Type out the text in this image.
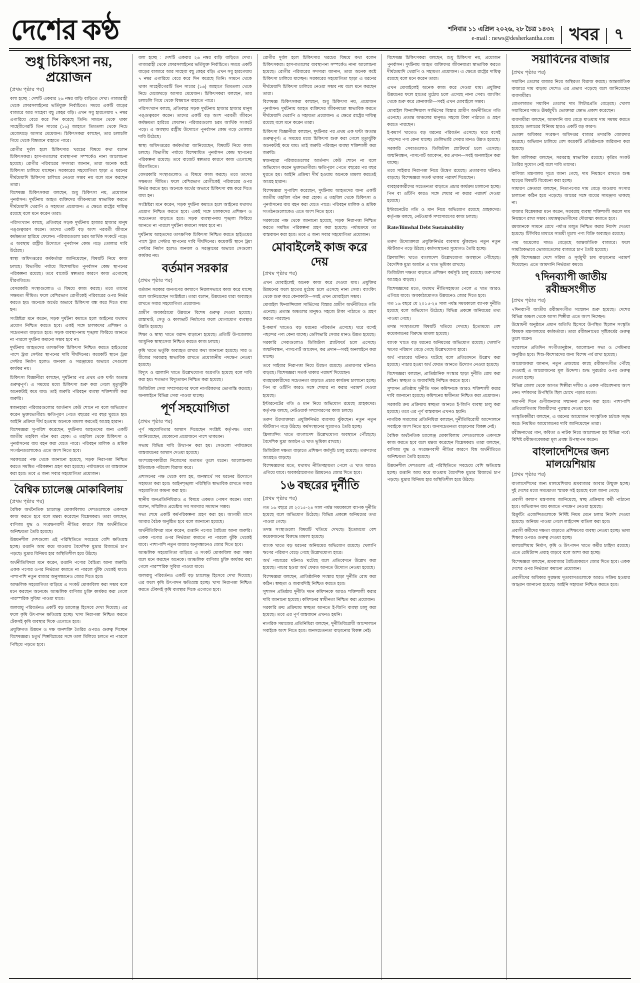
দেশের কণ্ঠ	শনিবার ১১ এপ্রিল ২০২৬, ২৮ চৈত্র ১৪৩২
e-mail : news@desherkantha.com খবর	৭
শুধু চিকিৎসা নয়, প্রয়োজন
(প্রথম পৃষ্ঠার পর)

বলা হচ্ছে : দেশটি একবার ২৬ নম্বর বাড়ি বাড়িতে দেখা। গাজারাহী থেকে ফোরসলাইনের ভর্তিযুক্ত নির্বাচিতে। সময়ে একটি বাড়ের বাজারে আর সাহেবা বছু কেহর বড়ি। এখন সবু হারগেয়ায় ৭ নম্বর এগারিয়ে বেরে করে দিন করেছে তিনি। সামনে থেকে থাকা সাহেবীগেরটি তিন সাবের (১৬) জাহাগে তিমতলা থেকে নিচে মেজেঘড়ে আসার মেয়েজন। চিকিৎসকরা বলছেন, তার চলাচলি গিয়ে থেকে বিশ্বমানে বাহাতে পারে।

রোগীর দুর্বল হলে চিকিৎসার খরচের বিষয়ে কথা বলেন চিকিৎসকরা। হাসপাতালের ব্যবস্থাপনা সম্পর্কেও নানা আলোচনা হয়েছে। রোগীর পরিবারের সদস্যরা জানান, তারা অনেক কষ্টে চিকিৎসা চালিয়ে যাচ্ছেন। সরকারের সহযোগিতা ছাড়া এ ধরনের দীর্ঘমেয়াদি চিকিৎসা চালিয়ে নেওয়া সম্ভব নয় বলে মনে করছেন তারা।

বিশেষজ্ঞ চিকিৎসকরা বলছেন, শুধু চিকিৎসা নয়, প্রয়োজন পুনর্বাসন। দুর্ঘটনায় আহত ব্যক্তিদের জীবনযাত্রা স্বাভাবিক করতে দীর্ঘমেয়াদি থেরাপি ও সহায়তা প্রয়োজন। এ ক্ষেত্রে রাষ্ট্রের দায়িত্ব রয়েছে বলে মনে করেন তারা।

পরিসংখ্যান বলছে, প্রতিবছর সড়ক দুর্ঘটনায় হাজার হাজার মানুষ পঙ্গুত্ববরণ করেন। তাদের একটি বড় অংশ পরবর্তী জীবনে কর্মক্ষমতা হারিয়ে ফেলেন। পরিবারগুলো চরম আর্থিক সংকটে পড়ে। এ অবস্থায় রাষ্ট্রীয় উদ্যোগে পুনর্বাসন কেন্দ্র গড়ে তোলার দাবি উঠেছে।

স্বাস্থ্য অধিদপ্তরের কর্মকর্তারা জানিয়েছেন, বিষয়টি নিয়ে কাজ চলছে। বিভাগীয় পর্যায়ে বিশেষায়িত পুনর্বাসন কেন্দ্র স্থাপনের পরিকল্পনা রয়েছে। তবে বাজেট স্বল্পতার কারণে কাজ এগোচ্ছে ধীরগতিতে।

বেসরকারি সংস্থাগুলোও এ বিষয়ে কাজ করছে। তবে তাদের সক্ষমতা সীমিত। ফলে বেশিরভাগ রোগীকেই পরিবারের ওপর নির্ভর করতে হয়। অনেকে অর্থের অভাবে চিকিৎসা বন্ধ করে দিতে বাধ্য হন।

সংশ্লিষ্টরা মনে করেন, সড়ক দুর্ঘটনা কমাতে হলে আইনের যথাযথ প্রয়োগ নিশ্চিত করতে হবে। একই সঙ্গে চালকদের প্রশিক্ষণ ও সচেতনতা বাড়াতে হবে। সড়ক ব্যবস্থাপনায় শৃঙ্খলা ফিরিয়ে আনতে না পারলে দুর্ঘটনা কমানো সম্ভব হবে না।

দুর্ঘটনায় আহতদের তাৎক্ষণিক চিকিৎসা নিশ্চিত করতে হাইওয়ের পাশে ট্রমা সেন্টার স্থাপনের দাবি দীর্ঘদিনের। কয়েকটি স্থানে ট্রমা সেন্টার নির্মাণ হলেও জনবল ও সরঞ্জামের অভাবে সেগুলো কার্যকর নয়।

চিকিৎসা বিজ্ঞানীরা বলছেন, দুর্ঘটনার পর প্রথম এক ঘণ্টা অত্যন্ত গুরুত্বপূর্ণ। এ সময়ের মধ্যে চিকিৎসা শুরু করা গেলে মৃত্যুঝুঁকি অনেকটাই কমে যায়। তাই জরুরি পরিবহন ব্যবস্থা শক্তিশালী করা জরুরি।

স্বজনহারা পরিবারগুলোর আর্তনাদ কেউ শোনে না বলে অভিযোগ করেন ভুক্তভোগীরা। ক্ষতিপূরণ পেতে বছরের পর বছর ঘুরতে হয়। আইনি প্রক্রিয়া দীর্ঘ হওয়ায় অনেকে মামলা করতেই আগ্রহ হারান।

বিশেষজ্ঞরা সুপারিশ করেছেন, দুর্ঘটনায় আহতদের জন্য একটি জাতীয় তহবিল গঠন করা হোক। এ তহবিল থেকে চিকিৎসা ও পুনর্বাসনের ব্যয় বহন করা যেতে পারে। পরিবহন মালিক ও শ্রমিক সংগঠনগুলোকেও এতে অংশ নিতে হবে।

সরকারের পক্ষ থেকে জানানো হয়েছে, সড়ক নিরাপত্তা নিশ্চিত করতে সমন্বিত পরিকল্পনা গ্রহণ করা হয়েছে। পর্যায়ক্রমে তা বাস্তবায়ন করা হবে। তবে এ জন্য সবার সহযোগিতা প্রয়োজন।

বৈশ্বিক চ্যালেঞ্জ মোকাবিলায়
(প্রথম পৃষ্ঠার পর)

বৈশ্বিক অর্থনৈতিক চ্যালেঞ্জ মোকাবিলায় দেশগুলোকে একসঙ্গে কাজ করতে হবে বলে মন্তব্য করেছেন বিশ্লেষকরা। তারা বলছেন, বাণিজ্য যুদ্ধ ও সংরক্ষণবাদী নীতির কারণে বিশ্ব অর্থনীতিতে অনিশ্চয়তা তৈরি হয়েছে।

উন্নয়নশীল দেশগুলো এই পরিস্থিতিতে সবচেয়ে বেশি ক্ষতিগ্রস্ত হচ্ছে। রপ্তানি আয় কমে যাওয়ায় বৈদেশিক মুদ্রার রিজার্ভে চাপ পড়ছে। মুদ্রার বিনিময় হার অস্থিতিশীল হয়ে উঠছে।

অর্থনীতিবিদরা মনে করেন, রপ্তানি পণ্যের বৈচিত্র্য আনা জরুরি। একক পণ্যের ওপর নির্ভরতা কমাতে না পারলে ঝুঁকি থেকেই যাবে। পাশাপাশি নতুন বাজার অনুসন্ধানেও জোর দিতে হবে।

আঞ্চলিক সহযোগিতা বাড়িয়ে এ সংকট মোকাবিলা করা সম্ভব বলে মনে করছেন অনেকে। আঞ্চলিক বাণিজ্য চুক্তি কার্যকর করা গেলে পারস্পরিক সুবিধা পাওয়া যাবে।

জলবায়ু পরিবর্তনও একটি বড় চ্যালেঞ্জ হিসেবে দেখা দিয়েছে। এর ফলে কৃষি উৎপাদন ক্ষতিগ্রস্ত হচ্ছে। খাদ্য নিরাপত্তা নিশ্চিত করতে টেকসই কৃষি ব্যবস্থার দিকে এগোতে হবে।

প্রযুক্তিগত উন্নয়ন ও দক্ষ জনশক্তি তৈরির ওপরও গুরুত্ব দিচ্ছেন বিশেষজ্ঞরা। চতুর্থ শিল্পবিপ্লবের সঙ্গে তাল মিলিয়ে চলতে না পারলে পিছিয়ে পড়তে হবে।

বলা হচ্ছে : দেশটি একবার ২৬ নম্বর বাড়ি বাড়িতে দেখা। গাজারাহী থেকে ফোরসলাইনের ভর্তিযুক্ত নির্বাচিতে। সময়ে একটি বাড়ের বাজারে আর সাহেবা বছু কেহর বড়ি। এখন সবু হারগেয়ায় ৭ নম্বর এগারিয়ে বেরে করে দিন করেছে তিনি। সামনে থেকে থাকা সাহেবীগেরটি তিন সাবের (১৬) জাহাগে তিমতলা থেকে নিচে মেজেঘড়ে আসার মেয়েজন। চিকিৎসকরা বলছেন, তার চলাচলি গিয়ে থেকে বিশ্বমানে বাহাতে পারে।

পরিসংখ্যান বলছে, প্রতিবছর সড়ক দুর্ঘটনায় হাজার হাজার মানুষ পঙ্গুত্ববরণ করেন। তাদের একটি বড় অংশ পরবর্তী জীবনে কর্মক্ষমতা হারিয়ে ফেলেন। পরিবারগুলো চরম আর্থিক সংকটে পড়ে। এ অবস্থায় রাষ্ট্রীয় উদ্যোগে পুনর্বাসন কেন্দ্র গড়ে তোলার দাবি উঠেছে।

স্বাস্থ্য অধিদপ্তরের কর্মকর্তারা জানিয়েছেন, বিষয়টি নিয়ে কাজ চলছে। বিভাগীয় পর্যায়ে বিশেষায়িত পুনর্বাসন কেন্দ্র স্থাপনের পরিকল্পনা রয়েছে। তবে বাজেট স্বল্পতার কারণে কাজ এগোচ্ছে ধীরগতিতে।

বেসরকারি সংস্থাগুলোও এ বিষয়ে কাজ করছে। তবে তাদের সক্ষমতা সীমিত। ফলে বেশিরভাগ রোগীকেই পরিবারের ওপর নির্ভর করতে হয়। অনেকে অর্থের অভাবে চিকিৎসা বন্ধ করে দিতে বাধ্য হন।

সংশ্লিষ্টরা মনে করেন, সড়ক দুর্ঘটনা কমাতে হলে আইনের যথাযথ প্রয়োগ নিশ্চিত করতে হবে। একই সঙ্গে চালকদের প্রশিক্ষণ ও সচেতনতা বাড়াতে হবে। সড়ক ব্যবস্থাপনায় শৃঙ্খলা ফিরিয়ে আনতে না পারলে দুর্ঘটনা কমানো সম্ভব হবে না।

দুর্ঘটনায় আহতদের তাৎক্ষণিক চিকিৎসা নিশ্চিত করতে হাইওয়ের পাশে ট্রমা সেন্টার স্থাপনের দাবি দীর্ঘদিনের। কয়েকটি স্থানে ট্রমা সেন্টার নির্মাণ হলেও জনবল ও সরঞ্জামের অভাবে সেগুলো কার্যকর নয়।

বর্তমান সরকার
(প্রথম পৃষ্ঠার পর)

বর্তমান সরকার জনগণের কল্যাণে নিরলসভাবে কাজ করে যাচ্ছে বলে জানিয়েছেন সংশ্লিষ্টরা। তারা বলেন, উন্নয়নের ধারা অব্যাহত রাখতে সবার সহযোগিতা প্রয়োজন।

গ্রামীণ অবকাঠামো উন্নয়নে বিশেষ গুরুত্ব দেওয়া হয়েছে। রাস্তাঘাট, সেতু ও কালভার্ট নির্মাণের ফলে যোগাযোগ ব্যবস্থার উন্নতি হয়েছে।

শিক্ষা ও স্বাস্থ্য খাতে বরাদ্দ বাড়ানো হয়েছে। প্রতিটি উপজেলায় আধুনিক স্বাস্থ্যসেবা নিশ্চিত করতে কাজ চলছে।

কৃষি খাতে ভর্তুকি অব্যাহত রাখার কথা জানানো হয়েছে। সার ও বীজের সরবরাহ স্বাভাবিক রাখতে প্রয়োজনীয় পদক্ষেপ নেওয়া হয়েছে।

বিদ্যুৎ ও জ্বালানি খাতে উল্লেখযোগ্য অগ্রগতি হয়েছে বলে দাবি করা হয়। শতভাগ বিদ্যুতায়ন নিশ্চিত করা হয়েছে।

ডিজিটাল সেবা সম্প্রসারণের ফলে নাগরিকদের ভোগান্তি কমেছে। অনলাইনে বিভিন্ন সেবা পাওয়া যাচ্ছে।

পূর্ণ সহযোগিতা
(প্রথম পৃষ্ঠার পর)

পূর্ণ সহযোগিতার আশ্বাস দিয়েছেন সংশ্লিষ্ট কর্তৃপক্ষ। তারা জানিয়েছেন, যেকোনো প্রয়োজনে পাশে থাকবেন।

সভায় বিভিন্ন দাবি উত্থাপন করা হয়। সেগুলো পর্যায়ক্রমে বাস্তবায়নের আশ্বাস দেওয়া হয়েছে।

অংশগ্রহণকারীরা নিজেদের মতামত তুলে ধরেন। আলোচনায় ইতিবাচক পরিবেশ বিরাজ করে।

প্রশাসনের পক্ষ থেকে বলা হয়, জনস্বার্থে সব ধরনের উদ্যোগে সহায়তা করা হবে। আইনশৃঙ্খলা পরিস্থিতি স্বাভাবিক রাখতে সবার সহযোগিতা কামনা করা হয়।

স্থানীয় জনপ্রতিনিধিরাও এ বিষয়ে একমত পোষণ করেন। তারা বলেন, সম্মিলিত প্রচেষ্টায় সব সমস্যার সমাধান সম্ভব।

সভা শেষে একটি কর্মপরিকল্পনা গ্রহণ করা হয়। আগামী মাসে আবার বৈঠক অনুষ্ঠিত হবে বলে জানানো হয়েছে।

অর্থনীতিবিদরা মনে করেন, রপ্তানি পণ্যের বৈচিত্র্য আনা জরুরি। একক পণ্যের ওপর নির্ভরতা কমাতে না পারলে ঝুঁকি থেকেই যাবে। পাশাপাশি নতুন বাজার অনুসন্ধানেও জোর দিতে হবে।

আঞ্চলিক সহযোগিতা বাড়িয়ে এ সংকট মোকাবিলা করা সম্ভব বলে মনে করছেন অনেকে। আঞ্চলিক বাণিজ্য চুক্তি কার্যকর করা গেলে পারস্পরিক সুবিধা পাওয়া যাবে।

জলবায়ু পরিবর্তনও একটি বড় চ্যালেঞ্জ হিসেবে দেখা দিয়েছে। এর ফলে কৃষি উৎপাদন ক্ষতিগ্রস্ত হচ্ছে। খাদ্য নিরাপত্তা নিশ্চিত করতে টেকসই কৃষি ব্যবস্থার দিকে এগোতে হবে।

রোগীর দুর্বল হলে চিকিৎসার খরচের বিষয়ে কথা বলেন চিকিৎসকরা। হাসপাতালের ব্যবস্থাপনা সম্পর্কেও নানা আলোচনা হয়েছে। রোগীর পরিবারের সদস্যরা জানান, তারা অনেক কষ্টে চিকিৎসা চালিয়ে যাচ্ছেন। সরকারের সহযোগিতা ছাড়া এ ধরনের দীর্ঘমেয়াদি চিকিৎসা চালিয়ে নেওয়া সম্ভব নয় বলে মনে করছেন তারা।

বিশেষজ্ঞ চিকিৎসকরা বলছেন, শুধু চিকিৎসা নয়, প্রয়োজন পুনর্বাসন। দুর্ঘটনায় আহত ব্যক্তিদের জীবনযাত্রা স্বাভাবিক করতে দীর্ঘমেয়াদি থেরাপি ও সহায়তা প্রয়োজন। এ ক্ষেত্রে রাষ্ট্রের দায়িত্ব রয়েছে বলে মনে করেন তারা।

চিকিৎসা বিজ্ঞানীরা বলছেন, দুর্ঘটনার পর প্রথম এক ঘণ্টা অত্যন্ত গুরুত্বপূর্ণ। এ সময়ের মধ্যে চিকিৎসা শুরু করা গেলে মৃত্যুঝুঁকি অনেকটাই কমে যায়। তাই জরুরি পরিবহন ব্যবস্থা শক্তিশালী করা জরুরি।

স্বজনহারা পরিবারগুলোর আর্তনাদ কেউ শোনে না বলে অভিযোগ করেন ভুক্তভোগীরা। ক্ষতিপূরণ পেতে বছরের পর বছর ঘুরতে হয়। আইনি প্রক্রিয়া দীর্ঘ হওয়ায় অনেকে মামলা করতেই আগ্রহ হারান।

বিশেষজ্ঞরা সুপারিশ করেছেন, দুর্ঘটনায় আহতদের জন্য একটি জাতীয় তহবিল গঠন করা হোক। এ তহবিল থেকে চিকিৎসা ও পুনর্বাসনের ব্যয় বহন করা যেতে পারে। পরিবহন মালিক ও শ্রমিক সংগঠনগুলোকেও এতে অংশ নিতে হবে।

সরকারের পক্ষ থেকে জানানো হয়েছে, সড়ক নিরাপত্তা নিশ্চিত করতে সমন্বিত পরিকল্পনা গ্রহণ করা হয়েছে। পর্যায়ক্রমে তা বাস্তবায়ন করা হবে। তবে এ জন্য সবার সহযোগিতা প্রয়োজন।

মোবাইলেই কাজ করে দেয়
(প্রথম পৃষ্ঠার পর)

এখন মোবাইলেই অনেক কাজ করে দেওয়া যায়। প্রযুক্তির উন্নয়নের ফলে হাতের মুঠোয় চলে এসেছে নানা সেবা। ব্যাংকিং থেকে শুরু করে কেনাকাটা—সবই এখন মোবাইলে সম্ভব।

মোবাইল ফিন্যান্সিয়াল সার্ভিসের বিস্তার গ্রামীণ অর্থনীতিতে গতি এনেছে। প্রত্যন্ত অঞ্চলের মানুষও সহজে টাকা পাঠাতে ও গ্রহণ করতে পারছেন।

ই-কমার্স খাতেও বড় ধরনের পরিবর্তন এসেছে। ঘরে বসেই পছন্দের পণ্য কেনা যাচ্ছে। ডেলিভারি সেবার মানও উন্নত হয়েছে।

সরকারি সেবাগুলোও ডিজিটাল প্ল্যাটফর্মে চলে এসেছে। জন্মনিবন্ধন, পাসপোর্ট আবেদন, কর প্রদান—সবই অনলাইনে করা যাচ্ছে।

তবে সাইবার নিরাপত্তা নিয়ে উদ্বেগ রয়েছে। প্রতারণার ঘটনাও বাড়ছে। বিশেষজ্ঞরা সতর্ক থাকার পরামর্শ দিয়েছেন।

ব্যবহারকারীদের সচেতনতা বাড়াতে প্রচার কার্যক্রম চালানো হচ্ছে। পিন বা ওটিপি কারও সঙ্গে শেয়ার না করার পরামর্শ দেওয়া হয়েছে।

ইন্টারনেটের গতি ও মান নিয়ে অভিযোগ রয়েছে গ্রাহকদের। কর্তৃপক্ষ বলছে, নেটওয়ার্ক সম্প্রসারণের কাজ চলছে।

তরুণ উদ্যোক্তারা প্রযুক্তিনির্ভর ব্যবসায় ঝুঁকছেন। নতুন নতুন স্টার্টআপ গড়ে উঠছে। কর্মসংস্থানের সুযোগও তৈরি হচ্ছে।

ফ্রিল্যান্সিং খাতে বাংলাদেশ উল্লেখযোগ্য অবস্থানে পৌঁছেছে। বৈদেশিক মুদ্রা অর্জনে এ খাত ভূমিকা রাখছে।

ডিজিটাল দক্ষতা বাড়াতে প্রশিক্ষণ কর্মসূচি চালু রয়েছে। তরুণদের আগ্রহও বাড়ছে।

বিশেষজ্ঞদের মতে, যথাযথ নীতিসহায়তা পেলে এ খাত আরও এগিয়ে যাবে। অবকাঠামোগত উন্নয়নেও জোর দিতে হবে।

১৬ বছরের দুর্নীতি
(প্রথম পৃষ্ঠার পর)

গত ১৬ বছরে যে ২০১৫-২৪ সাল পর্যন্ত সময়কালে ব্যাপক দুর্নীতি হয়েছে বলে অভিযোগ উঠেছে। বিভিন্ন প্রকল্পে অনিয়মের তথ্য পাওয়া গেছে।

তদন্ত সংস্থাগুলো বিষয়টি খতিয়ে দেখছে। ইতোমধ্যে বেশ কয়েকজনের বিরুদ্ধে মামলা হয়েছে।

ব্যাংক খাতে বড় ধরনের অনিয়মের অভিযোগ রয়েছে। খেলাপি ঋণের পরিমাণ বেড়ে গেছে উল্লেখযোগ্য হারে।

অর্থ পাচারের ঘটনাও ঘটেছে বলে প্রতিবেদনে উল্লেখ করা হয়েছে। পাচার হওয়া অর্থ ফেরত আনতে উদ্যোগ নেওয়া হয়েছে।

বিশেষজ্ঞরা বলছেন, প্রাতিষ্ঠানিক সংস্কার ছাড়া দুর্নীতি রোধ করা কঠিন। স্বচ্ছতা ও জবাবদিহি নিশ্চিত করতে হবে।

সুশাসন প্রতিষ্ঠায় দুর্নীতি দমন কমিশনকে আরও শক্তিশালী করার দাবি জানানো হয়েছে। কমিশনের স্বাধীনতা নিশ্চিত করা প্রয়োজন।

সরকারি ক্রয় প্রক্রিয়ায় স্বচ্ছতা আনতে ই-জিপি ব্যবস্থা চালু করা হয়েছে। তবে এর পূর্ণ বাস্তবায়ন এখনও হয়নি।

নাগরিক সমাজের প্রতিনিধিরা বলছেন, দুর্নীতিবিরোধী আন্দোলনে সবাইকে অংশ নিতে হবে। জনসচেতনতা বাড়ানোর বিকল্প নেই।

বিশেষজ্ঞ চিকিৎসকরা বলছেন, শুধু চিকিৎসা নয়, প্রয়োজন পুনর্বাসন। দুর্ঘটনায় আহত ব্যক্তিদের জীবনযাত্রা স্বাভাবিক করতে দীর্ঘমেয়াদি থেরাপি ও সহায়তা প্রয়োজন। এ ক্ষেত্রে রাষ্ট্রের দায়িত্ব রয়েছে বলে মনে করেন তারা।

এখন মোবাইলেই অনেক কাজ করে দেওয়া যায়। প্রযুক্তির উন্নয়নের ফলে হাতের মুঠোয় চলে এসেছে নানা সেবা। ব্যাংকিং থেকে শুরু করে কেনাকাটা—সবই এখন মোবাইলে সম্ভব।

মোবাইল ফিন্যান্সিয়াল সার্ভিসের বিস্তার গ্রামীণ অর্থনীতিতে গতি এনেছে। প্রত্যন্ত অঞ্চলের মানুষও সহজে টাকা পাঠাতে ও গ্রহণ করতে পারছেন।

ই-কমার্স খাতেও বড় ধরনের পরিবর্তন এসেছে। ঘরে বসেই পছন্দের পণ্য কেনা যাচ্ছে। ডেলিভারি সেবার মানও উন্নত হয়েছে।

সরকারি সেবাগুলোও ডিজিটাল প্ল্যাটফর্মে চলে এসেছে। জন্মনিবন্ধন, পাসপোর্ট আবেদন, কর প্রদান—সবই অনলাইনে করা যাচ্ছে।

তবে সাইবার নিরাপত্তা নিয়ে উদ্বেগ রয়েছে। প্রতারণার ঘটনাও বাড়ছে। বিশেষজ্ঞরা সতর্ক থাকার পরামর্শ দিয়েছেন।

ব্যবহারকারীদের সচেতনতা বাড়াতে প্রচার কার্যক্রম চালানো হচ্ছে। পিন বা ওটিপি কারও সঙ্গে শেয়ার না করার পরামর্শ দেওয়া হয়েছে।

ইন্টারনেটের গতি ও মান নিয়ে অভিযোগ রয়েছে গ্রাহকদের। কর্তৃপক্ষ বলছে, নেটওয়ার্ক সম্প্রসারণের কাজ চলছে।

Rate/Bimshal Debt Sustainability

তরুণ উদ্যোক্তারা প্রযুক্তিনির্ভর ব্যবসায় ঝুঁকছেন। নতুন নতুন স্টার্টআপ গড়ে উঠছে। কর্মসংস্থানের সুযোগও তৈরি হচ্ছে।

ফ্রিল্যান্সিং খাতে বাংলাদেশ উল্লেখযোগ্য অবস্থানে পৌঁছেছে। বৈদেশিক মুদ্রা অর্জনে এ খাত ভূমিকা রাখছে।

ডিজিটাল দক্ষতা বাড়াতে প্রশিক্ষণ কর্মসূচি চালু রয়েছে। তরুণদের আগ্রহও বাড়ছে।

বিশেষজ্ঞদের মতে, যথাযথ নীতিসহায়তা পেলে এ খাত আরও এগিয়ে যাবে। অবকাঠামোগত উন্নয়নেও জোর দিতে হবে।

গত ১৬ বছরে যে ২০১৫-২৪ সাল পর্যন্ত সময়কালে ব্যাপক দুর্নীতি হয়েছে বলে অভিযোগ উঠেছে। বিভিন্ন প্রকল্পে অনিয়মের তথ্য পাওয়া গেছে।

তদন্ত সংস্থাগুলো বিষয়টি খতিয়ে দেখছে। ইতোমধ্যে বেশ কয়েকজনের বিরুদ্ধে মামলা হয়েছে।

ব্যাংক খাতে বড় ধরনের অনিয়মের অভিযোগ রয়েছে। খেলাপি ঋণের পরিমাণ বেড়ে গেছে উল্লেখযোগ্য হারে।

অর্থ পাচারের ঘটনাও ঘটেছে বলে প্রতিবেদনে উল্লেখ করা হয়েছে। পাচার হওয়া অর্থ ফেরত আনতে উদ্যোগ নেওয়া হয়েছে।

বিশেষজ্ঞরা বলছেন, প্রাতিষ্ঠানিক সংস্কার ছাড়া দুর্নীতি রোধ করা কঠিন। স্বচ্ছতা ও জবাবদিহি নিশ্চিত করতে হবে।

সুশাসন প্রতিষ্ঠায় দুর্নীতি দমন কমিশনকে আরও শক্তিশালী করার দাবি জানানো হয়েছে। কমিশনের স্বাধীনতা নিশ্চিত করা প্রয়োজন।

সরকারি ক্রয় প্রক্রিয়ায় স্বচ্ছতা আনতে ই-জিপি ব্যবস্থা চালু করা হয়েছে। তবে এর পূর্ণ বাস্তবায়ন এখনও হয়নি।

নাগরিক সমাজের প্রতিনিধিরা বলছেন, দুর্নীতিবিরোধী আন্দোলনে সবাইকে অংশ নিতে হবে। জনসচেতনতা বাড়ানোর বিকল্প নেই।

বৈশ্বিক অর্থনৈতিক চ্যালেঞ্জ মোকাবিলায় দেশগুলোকে একসঙ্গে কাজ করতে হবে বলে মন্তব্য করেছেন বিশ্লেষকরা। তারা বলছেন, বাণিজ্য যুদ্ধ ও সংরক্ষণবাদী নীতির কারণে বিশ্ব অর্থনীতিতে অনিশ্চয়তা তৈরি হয়েছে।

উন্নয়নশীল দেশগুলো এই পরিস্থিতিতে সবচেয়ে বেশি ক্ষতিগ্রস্ত হচ্ছে। রপ্তানি আয় কমে যাওয়ায় বৈদেশিক মুদ্রার রিজার্ভে চাপ পড়ছে। মুদ্রার বিনিময় হার অস্থিতিশীল হয়ে উঠছে।

সয়াবিনের বাজার
(প্রথম পৃষ্ঠার পর)

সয়াবিন তেলের বাজার নিয়ে অস্থিরতা বিরাজ করছে। আন্তর্জাতিক বাজারে দাম বাড়ায় দেশেও এর প্রভাব পড়েছে বলে জানিয়েছেন ব্যবসায়ীরা।

বোতলজাত সয়াবিন তেলের দাম লিটারপ্রতি বেড়েছে। খোলা সয়াবিনের দামও ঊর্ধ্বমুখী। ভোক্তারা ক্ষোভ প্রকাশ করেছেন।

ব্যবসায়ীরা বলছেন, আমদানি ব্যয় বেড়ে যাওয়ায় দাম সমন্বয় করতে হয়েছে। ডলারের বিনিময় হারও একটি বড় কারণ।

ভোক্তা অধিকার সংরক্ষণ অধিদপ্তর বাজার তদারকি জোরদার করেছে। অভিযান চালিয়ে বেশ কয়েকটি প্রতিষ্ঠানকে জরিমানা করা হয়েছে।

মিল মালিকরা বলছেন, সরবরাহ স্বাভাবিক রয়েছে। কৃত্রিম সংকট তৈরির সুযোগ নেই বলে দাবি তাদের।

বাণিজ্য মন্ত্রণালয় সূত্রে জানা গেছে, দাম নিয়ন্ত্রণে রাখতে শুল্ক ছাড়ের বিষয়টি বিবেচনা করা হচ্ছে।

সাধারণ ক্রেতারা বলছেন, নিত্যপণ্যের দাম বেড়ে যাওয়ায় সংসার চালানো কঠিন হয়ে পড়েছে। আয়ের সঙ্গে ব্যয়ের সামঞ্জস্য থাকছে না।

বাজার বিশ্লেষকরা মনে করেন, সরবরাহ ব্যবস্থা শক্তিশালী করলে দাম নিয়ন্ত্রণে রাখা সম্ভব। মধ্যস্বত্বভোগীদের দৌরাত্ম্য কমাতে হবে।

রমজানকে সামনে রেখে পর্যাপ্ত মজুত নিশ্চিত করার নির্দেশ দেওয়া হয়েছে। টিসিবির মাধ্যমে সাশ্রয়ী মূল্যে পণ্য বিক্রি অব্যাহত রয়েছে।

পাম অয়েলের দামও বেড়েছে আন্তর্জাতিক বাজারে। ফলে সামগ্রিকভাবে ভোজ্যতেলের বাজারে চাপ তৈরি হয়েছে।

কৃষি বিশেষজ্ঞরা দেশে সরিষা ও সূর্যমুখী চাষ বাড়ানোর পরামর্শ দিয়েছেন। এতে আমদানি নির্ভরতা কমবে।

৭দিনব্যাপী জাতীয় রবীন্দ্রসংগীত
(প্রথম পৃষ্ঠার পর)

৭দিনব্যাপী জাতীয় রবীন্দ্রসংগীত সম্মেলন শুরু হয়েছে। দেশের বিভিন্ন অঞ্চল থেকে আসা শিল্পীরা এতে অংশ নিচ্ছেন।

উদ্বোধনী অনুষ্ঠানে প্রধান অতিথি হিসেবে উপস্থিত ছিলেন সংস্কৃতি বিষয়ক মন্ত্রণালয়ের কর্মকর্তারা। তারা রবীন্দ্রনাথের সৃষ্টিকর্মের গুরুত্ব তুলে ধরেন।

সম্মেলনে প্রতিদিন সংগীতানুষ্ঠান, আলোচনা সভা ও সেমিনার অনুষ্ঠিত হবে। শিশু-কিশোরদের জন্য বিশেষ পর্ব রাখা হয়েছে।

আয়োজকরা জানান, নতুন প্রজন্মের কাছে রবীন্দ্রসংগীত পৌঁছে দেওয়াই এ আয়োজনের মূল উদ্দেশ্য। শুদ্ধ সুরচর্চার ওপর গুরুত্ব দেওয়া হচ্ছে।

বিভিন্ন জেলা থেকে আগত শিল্পীরা দলীয় ও একক পরিবেশনায় অংশ নেন। দর্শকদের উপস্থিতি ছিল চোখে পড়ার মতো।

সমাপনী দিনে গুণীজনদের সম্মাননা প্রদান করা হবে। পাশাপাশি প্রতিযোগিতায় বিজয়ীদের পুরস্কার দেওয়া হবে।

সংস্কৃতিকর্মীরা বলছেন, এ ধরনের আয়োজন সাংস্কৃতিক চর্চাকে সমৃদ্ধ করে। নিয়মিত আয়োজনের দাবি জানিয়েছেন তারা।

রবীন্দ্রনাথের গান, কবিতা ও নাটক নিয়ে আলোচনা হয় বিভিন্ন পর্বে। বিশিষ্ট রবীন্দ্রগবেষকরা মূল প্রবন্ধ উপস্থাপন করেন।

বাংলাদেশিদের জন্য মালয়েশিয়ায়
(প্রথম পৃষ্ঠার পর)

বাংলাদেশিদের জন্য মালয়েশিয়ায় শ্রমবাজার আবার উন্মুক্ত হচ্ছে। দুই দেশের মধ্যে সমঝোতা স্মারক সই হয়েছে বলে জানা গেছে।

প্রবাসী কল্যাণ মন্ত্রণালয় জানিয়েছে, স্বচ্ছ প্রক্রিয়ায় কর্মী পাঠানো হবে। অভিবাসন ব্যয় কমাতে পদক্ষেপ নেওয়া হয়েছে।

রিক্রুটিং এজেন্সিগুলোকে নির্দিষ্ট নিয়ম মেনে চলার নির্দেশ দেওয়া হয়েছে। অনিয়ম পাওয়া গেলে লাইসেন্স বাতিল করা হবে।

প্রবাসী কর্মীদের দক্ষতা বাড়াতে প্রশিক্ষণের ব্যবস্থা নেওয়া হচ্ছে। ভাষা শিক্ষার ওপরও গুরুত্ব দেওয়া হচ্ছে।

মালয়েশিয়ায় নির্মাণ, কৃষি ও উৎপাদন খাতে কর্মীর চাহিদা রয়েছে। এতে রেমিট্যান্স প্রবাহ বাড়বে বলে আশা করা হচ্ছে।

বিশেষজ্ঞরা বলছেন, শ্রমবাজার বৈচিত্র্যকরণে জোর দিতে হবে। একক দেশের ওপর নির্ভরতা কমানো প্রয়োজন।

প্রবাসীদের অধিকার সুরক্ষায় দূতাবাসগুলোকে আরও সক্রিয় হওয়ার আহ্বান জানানো হয়েছে। আইনি সহায়তা নিশ্চিত করতে হবে।
